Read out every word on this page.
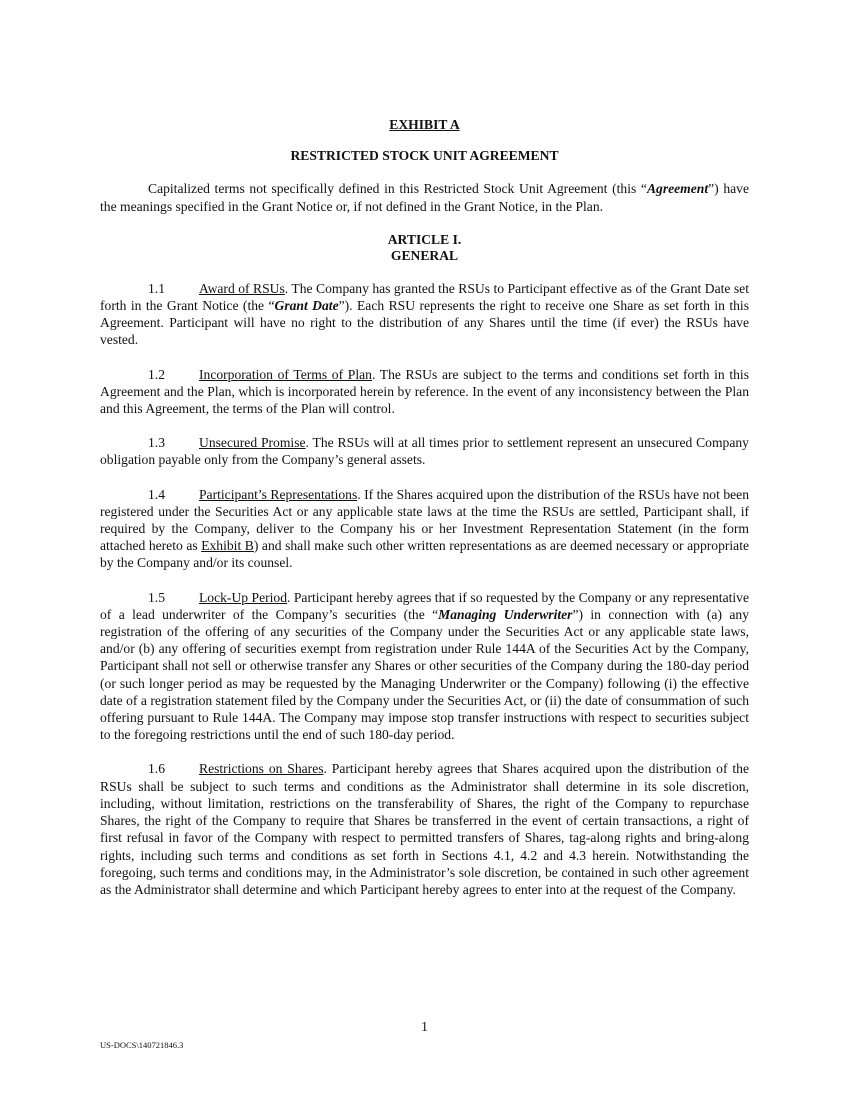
EXHIBIT A
RESTRICTED STOCK UNIT AGREEMENT

Capitalized terms not specifically defined in this Restricted Stock Unit Agreement (this “Agreement”) have the meanings specified in the Grant Notice or, if not defined in the Grant Notice, in the Plan.

ARTICLE I.
GENERAL

1.1	Award of RSUs. The Company has granted the RSUs to Participant effective as of the Grant Date set forth in the Grant Notice (the “Grant Date”). Each RSU represents the right to receive one Share as set forth in this Agreement. Participant will have no right to the distribution of any Shares until the time (if ever) the RSUs have vested.

1.2	Incorporation of Terms of Plan. The RSUs are subject to the terms and conditions set forth in this Agreement and the Plan, which is incorporated herein by reference. In the event of any inconsistency between the Plan and this Agreement, the terms of the Plan will control.

1.3	Unsecured Promise. The RSUs will at all times prior to settlement represent an unsecured Company obligation payable only from the Company’s general assets.

1.4	Participant’s Representations. If the Shares acquired upon the distribution of the RSUs have not been registered under the Securities Act or any applicable state laws at the time the RSUs are settled, Participant shall, if required by the Company, deliver to the Company his or her Investment Representation Statement (in the form attached hereto as Exhibit B) and shall make such other written representations as are deemed necessary or appropriate by the Company and/or its counsel.

1.5	Lock-Up Period. Participant hereby agrees that if so requested by the Company or any representative of a lead underwriter of the Company’s securities (the “Managing Underwriter”) in connection with (a) any registration of the offering of any securities of the Company under the Securities Act or any applicable state laws, and/or (b) any offering of securities exempt from registration under Rule 144A of the Securities Act by the Company, Participant shall not sell or otherwise transfer any Shares or other securities of the Company during the 180-day period (or such longer period as may be requested by the Managing Underwriter or the Company) following (i) the effective date of a registration statement filed by the Company under the Securities Act, or (ii) the date of consummation of such offering pursuant to Rule 144A. The Company may impose stop transfer instructions with respect to securities subject to the foregoing restrictions until the end of such 180-day period.

1.6	Restrictions on Shares. Participant hereby agrees that Shares acquired upon the distribution of the RSUs shall be subject to such terms and conditions as the Administrator shall determine in its sole discretion, including, without limitation, restrictions on the transferability of Shares, the right of the Company to repurchase Shares, the right of the Company to require that Shares be transferred in the event of certain transactions, a right of first refusal in favor of the Company with respect to permitted transfers of Shares, tag-along rights and bring-along rights, including such terms and conditions as set forth in Sections 4.1, 4.2 and 4.3 herein. Notwithstanding the foregoing, such terms and conditions may, in the Administrator’s sole discretion, be contained in such other agreement as the Administrator shall determine and which Participant hereby agrees to enter into at the request of the Company.

1
US-DOCS\140721846.3
